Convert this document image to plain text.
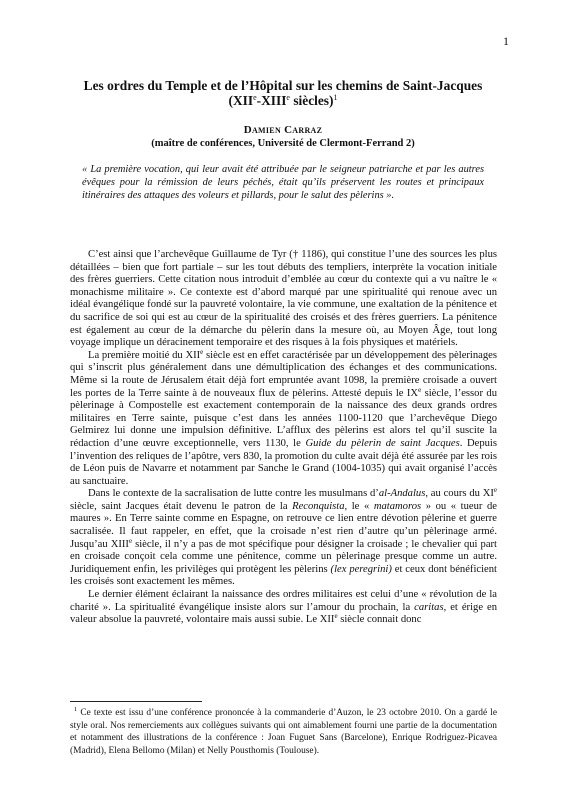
1
Les ordres du Temple et de l’Hôpital sur les chemins de Saint-Jacques
(XIIe-XIIIe siècles)$^1$
Damien Carraz
(maître de conférences, Université de Clermont-Ferrand 2)
« La première vocation, qui leur avait été attribuée par le seigneur patriarche et par les autres évêques pour la rémission de leurs péchés, était qu’ils préservent les routes et principaux itinéraires des attaques des voleurs et pillards, pour le salut des pèlerins ».

C’est ainsi que l’archevêque Guillaume de Tyr († 1186), qui constitue l’une des sources les plus détaillées – bien que fort partiale – sur les tout débuts des templiers, interprète la vocation initiale des frères guerriers. Cette citation nous introduit d’emblée au cœur du contexte qui a vu naître le « monachisme militaire ». Ce contexte est d’abord marqué par une spiritualité qui renoue avec un idéal évangélique fondé sur la pauvreté volontaire, la vie commune, une exaltation de la pénitence et du sacrifice de soi qui est au cœur de la spiritualité des croisés et des frères guerriers. La pénitence est également au cœur de la démarche du pèlerin dans la mesure où, au Moyen Âge, tout long voyage implique un déracinement temporaire et des risques à la fois physiques et matériels.

La première moitié du XIIe siècle est en effet caractérisée par un développement des pèlerinages qui s’inscrit plus généralement dans une démultiplication des échanges et des communications. Même si la route de Jérusalem était déjà fort empruntée avant 1098, la première croisade a ouvert les portes de la Terre sainte à de nouveaux flux de pèlerins. Attesté depuis le IXe siècle, l’essor du pèlerinage à Compostelle est exactement contemporain de la naissance des deux grands ordres militaires en Terre sainte, puisque c’est dans les années 1100-1120 que l’archevêque Diego Gelmirez lui donne une impulsion définitive. L’afflux des pèlerins est alors tel qu’il suscite la rédaction d’une œuvre exceptionnelle, vers 1130, le Guide du pèlerin de saint Jacques. Depuis l’invention des reliques de l’apôtre, vers 830, la promotion du culte avait déjà été assurée par les rois de Léon puis de Navarre et notamment par Sanche le Grand (1004-1035) qui avait organisé l’accès au sanctuaire.

Dans le contexte de la sacralisation de lutte contre les musulmans d’al-Andalus, au cours du XIe siècle, saint Jacques était devenu le patron de la Reconquista, le « matamoros » ou « tueur de maures ». En Terre sainte comme en Espagne, on retrouve ce lien entre dévotion pèlerine et guerre sacralisée. Il faut rappeler, en effet, que la croisade n’est rien d’autre qu’un pèlerinage armé. Jusqu’au XIIIe siècle, il n’y a pas de mot spécifique pour désigner la croisade ; le chevalier qui part en croisade conçoit cela comme une pénitence, comme un pèlerinage presque comme un autre. Juridiquement enfin, les privilèges qui protègent les pèlerins (lex peregrini) et ceux dont bénéficient les croisés sont exactement les mêmes.

Le dernier élément éclairant la naissance des ordres militaires est celui d’une « révolution de la charité ». La spiritualité évangélique insiste alors sur l’amour du prochain, la caritas, et érige en valeur absolue la pauvreté, volontaire mais aussi subie. Le XIIe siècle connait donc

$^1$ Ce texte est issu d’une conférence prononcée à la commanderie d’Auzon, le 23 octobre 2010. On a gardé le style oral. Nos remerciements aux collègues suivants qui ont aimablement fourni une partie de la documentation et notamment des illustrations de la conférence : Joan Fuguet Sans (Barcelone), Enrique Rodriguez-Picavea (Madrid), Elena Bellomo (Milan) et Nelly Pousthomis (Toulouse).
